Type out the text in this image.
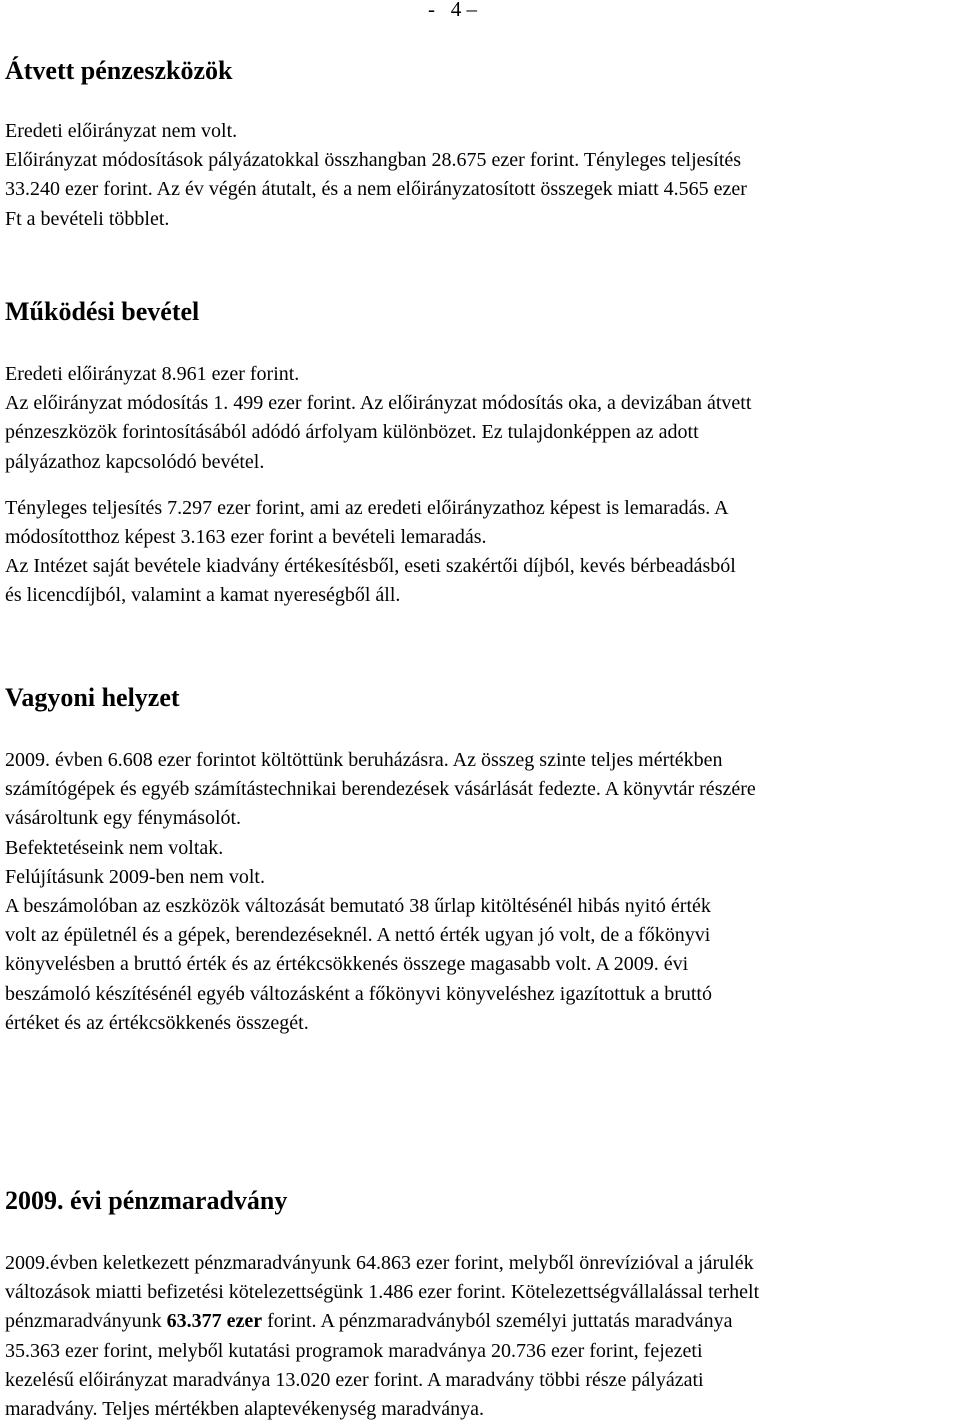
-   4 –
Átvett pénzeszközök

Eredeti előirányzat nem volt.
Előirányzat módosítások pályázatokkal összhangban 28.675 ezer forint. Tényleges teljesítés
33.240 ezer forint. Az év végén átutalt, és a nem előirányzatosított összegek miatt 4.565 ezer
Ft a bevételi többlet.

Működési bevétel

Eredeti előirányzat 8.961 ezer forint.
Az előirányzat módosítás 1. 499 ezer forint. Az előirányzat módosítás oka, a devizában átvett
pénzeszközök forintosításából adódó árfolyam különbözet. Ez tulajdonképpen az adott
pályázathoz kapcsolódó bevétel.

Tényleges teljesítés 7.297 ezer forint, ami az eredeti előirányzathoz képest is lemaradás. A
módosítotthoz képest 3.163 ezer forint a bevételi lemaradás.
Az Intézet saját bevétele kiadvány értékesítésből, eseti szakértői díjból, kevés bérbeadásból
és licencdíjból, valamint a kamat nyereségből áll.

Vagyoni helyzet

2009. évben 6.608 ezer forintot költöttünk beruházásra. Az összeg szinte teljes mértékben
számítógépek és egyéb számítástechnikai berendezések vásárlását fedezte. A könyvtár részére
vásároltunk egy fénymásolót.
Befektetéseink nem voltak.
Felújításunk 2009-ben nem volt.
A beszámolóban az eszközök változását bemutató 38 űrlap kitöltésénél hibás nyitó érték
volt az épületnél és a gépek, berendezéseknél. A nettó érték ugyan jó volt, de a főkönyvi
könyvelésben a bruttó érték és az értékcsökkenés összege magasabb volt. A 2009. évi
beszámoló készítésénél egyéb változásként a főkönyvi könyveléshez igazítottuk a bruttó
értéket és az értékcsökkenés összegét.

2009. évi pénzmaradvány

2009.évben keletkezett pénzmaradványunk 64.863 ezer forint, melyből önrevízióval a járulék
változások miatti befizetési kötelezettségünk 1.486 ezer forint. Kötelezettségvállalással terhelt
pénzmaradványunk 63.377 ezer forint. A pénzmaradványból személyi juttatás maradványa
35.363 ezer forint, melyből kutatási programok maradványa 20.736 ezer forint, fejezeti
kezelésű előirányzat maradványa 13.020 ezer forint. A maradvány többi része pályázati
maradvány. Teljes mértékben alaptevékenység maradványa.
